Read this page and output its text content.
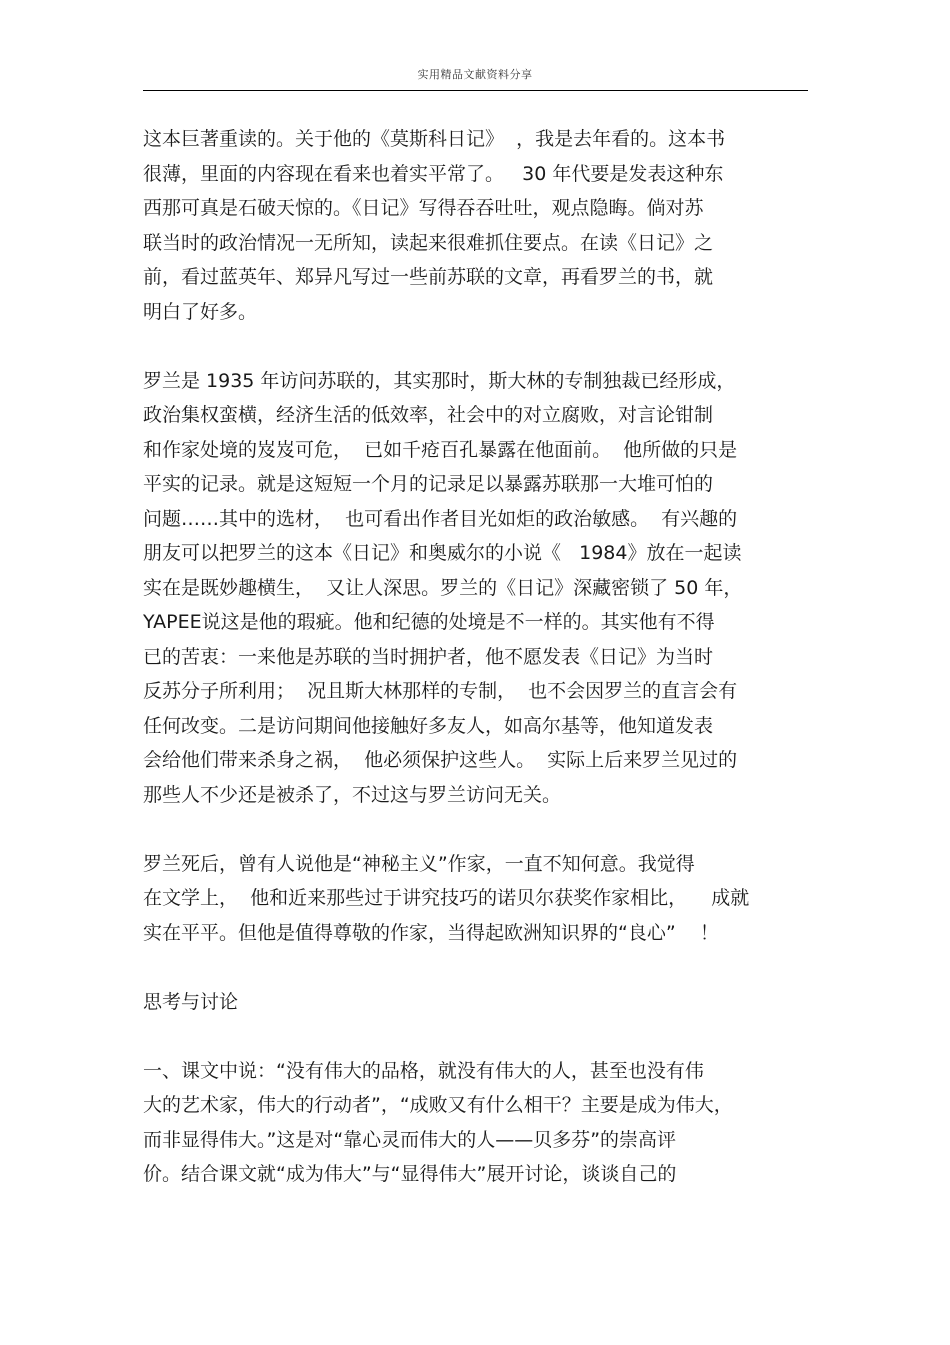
实用精品文献资料分享
这本巨著重读的。关于他的《莫斯科日记》  ，我是去年看的。这本书
很薄，里面的内容现在看来也着实平常了。   30 年代要是发表这种东
西那可真是石破天惊的。《日记》写得吞吞吐吐，观点隐晦。倘对苏
联当时的政治情况一无所知，读起来很难抓住要点。在读《日记》之
前，看过蓝英年、郑异凡写过一些前苏联的文章，再看罗兰的书，就
明白了好多。
罗兰是 1935 年访问苏联的，其实那时，斯大林的专制独裁已经形成，
政治集权蛮横，经济生活的低效率，社会中的对立腐败，对言论钳制
和作家处境的岌岌可危，  已如千疮百孔暴露在他面前。  他所做的只是
平实的记录。就是这短短一个月的记录足以暴露苏联那一大堆可怕的
问题……其中的选材，  也可看出作者目光如炬的政治敏感。  有兴趣的
朋友可以把罗兰的这本《日记》和奥威尔的小说《   1984》放在一起读
实在是既妙趣横生，  又让人深思。罗兰的《日记》深藏密锁了 50 年，
YAPEE说这是他的瑕疵。他和纪德的处境是不一样的。其实他有不得
已的苦衷：一来他是苏联的当时拥护者，他不愿发表《日记》为当时
反苏分子所利用；  况且斯大林那样的专制，  也不会因罗兰的直言会有
任何改变。二是访问期间他接触好多友人，如高尔基等，他知道发表
会给他们带来杀身之祸，  他必须保护这些人。  实际上后来罗兰见过的
那些人不少还是被杀了，不过这与罗兰访问无关。
罗兰死后，曾有人说他是“神秘主义”作家，一直不知何意。我觉得
在文学上，  他和近来那些过于讲究技巧的诺贝尔获奖作家相比，    成就
实在平平。但他是值得尊敬的作家，当得起欧洲知识界的“良心”    ！
思考与讨论
一、课文中说：“没有伟大的品格，就没有伟大的人，甚至也没有伟
大的艺术家，伟大的行动者”，“成败又有什么相干？主要是成为伟大，
而非显得伟大。”这是对“靠心灵而伟大的人——贝多芬”的崇高评
价。结合课文就“成为伟大”与“显得伟大”展开讨论，谈谈自己的
